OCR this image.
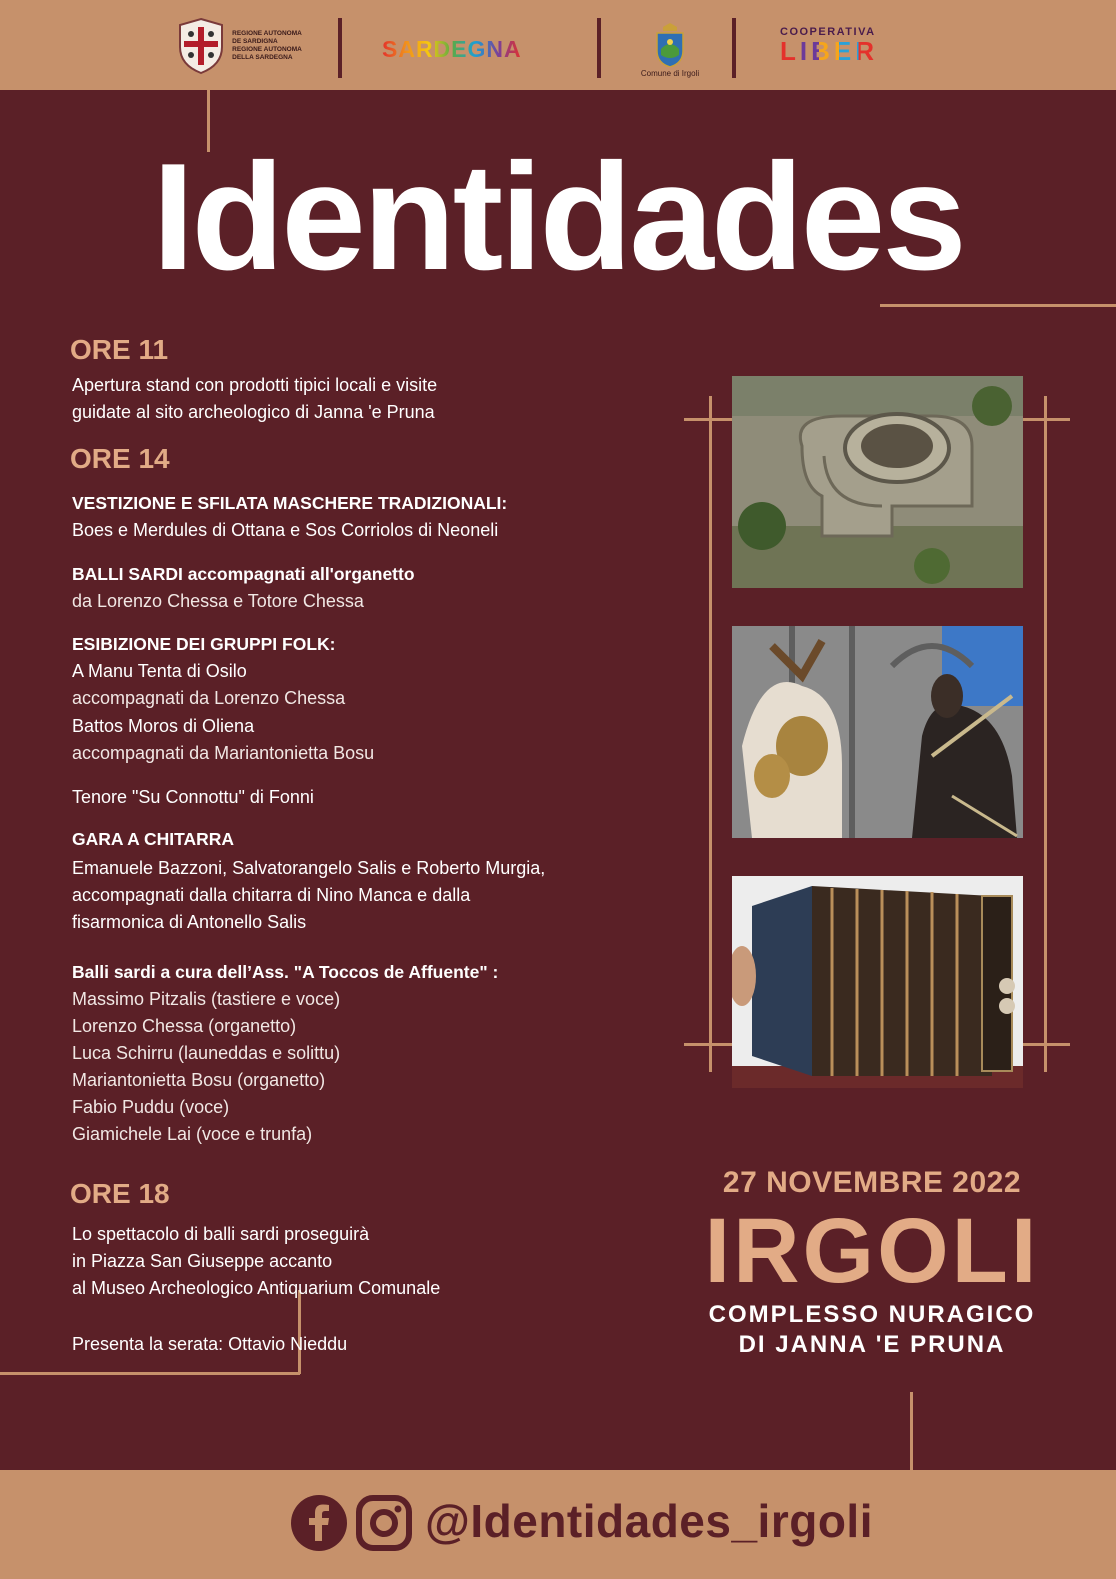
REGIONE AUTONOMA
DE SARDIGNA
REGIONE AUTONOMA
DELLA SARDEGNA	SARDEGNA
Comune di Irgoli
COOPERATIVA
LIBER
Identidades
ORE 11
Apertura stand con prodotti tipici locali e visite
guidate al sito archeologico di Janna 'e Pruna
ORE 14
VESTIZIONE E SFILATA MASCHERE TRADIZIONALI:
Boes e Merdules di Ottana e Sos Corriolos di Neoneli
BALLI SARDI accompagnati all'organetto
da Lorenzo Chessa e Totore Chessa
ESIBIZIONE DEI GRUPPI FOLK:
A Manu Tenta di Osilo
accompagnati da Lorenzo Chessa
Battos Moros di Oliena
accompagnati da Mariantonietta Bosu
Tenore "Su Connottu" di Fonni
GARA A CHITARRA
Emanuele Bazzoni, Salvatorangelo Salis e Roberto Murgia,
accompagnati dalla chitarra di Nino Manca e dalla
fisarmonica di Antonello Salis
Balli sardi a cura dell’Ass. "A Toccos de Affuente" :
Massimo Pitzalis (tastiere e voce)
Lorenzo Chessa (organetto)
Luca Schirru (launeddas e solittu)
Mariantonietta Bosu (organetto)
Fabio Puddu (voce)
Giamichele Lai (voce e trunfa)
ORE 18
Lo spettacolo di balli sardi proseguirà
in Piazza San Giuseppe accanto
al Museo Archeologico Antiquarium Comunale
Presenta la serata: Ottavio Nieddu
27 NOVEMBRE 2022
IRGOLI
COMPLESSO NURAGICO
DI JANNA 'E PRUNA
@Identidades_irgoli
